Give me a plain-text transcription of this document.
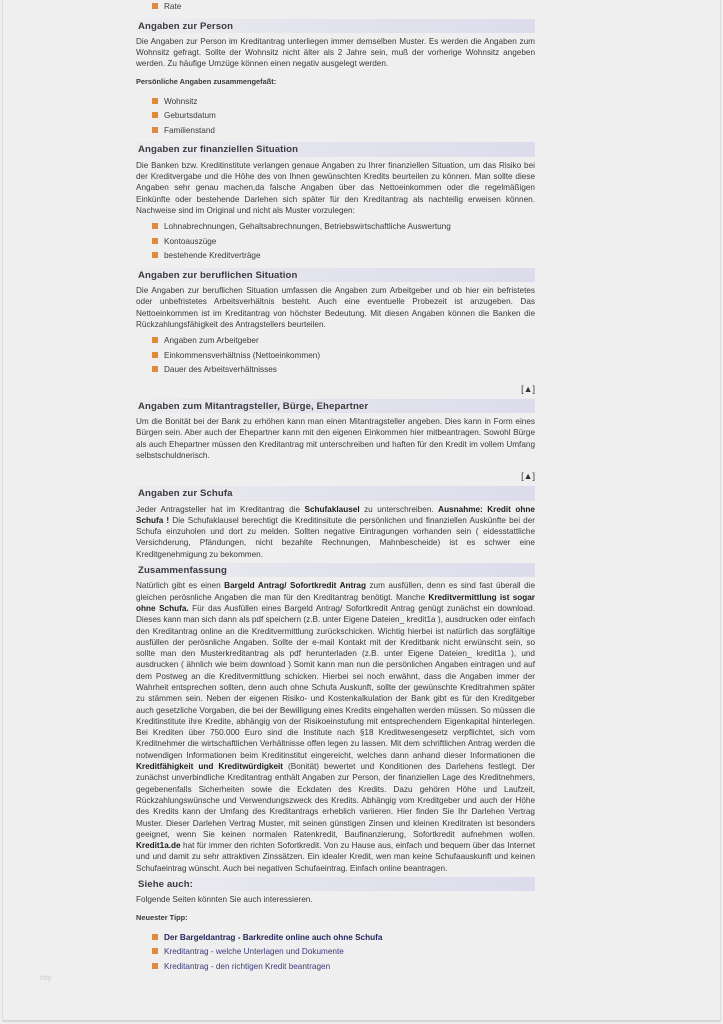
http
Rate
Angaben zur Person
Die Angaben zur Person im Kreditantrag unterliegen immer demselben Muster. Es werden die Angaben zum Wohnsitz gefragt. Sollte der Wohnsitz nicht älter als 2 Jahre sein, muß der vorherige Wohnsitz angeben werden. Zu häufige Umzüge können einen negativ ausgelegt werden.
Persönliche Angaben zusammengefaßt:
Wohnsitz
Geburtsdatum
Familienstand
Angaben zur finanziellen Situation
Die Banken bzw. Kreditinstitute verlangen genaue Angaben zu Ihrer finanziellen Situation, um das Risiko bei der Kreditvergabe und die Höhe des von Ihnen gewünschten Kredits beurteilen zu können. Man sollte diese Angaben sehr genau machen,da falsche Angaben über das Nettoeinkommen oder die regelmäßigen Einkünfte oder bestehende Darlehen sich später für den Kreditantrag als nachteilig erweisen können. Nachweise sind im Original und nicht als Muster vorzulegen:
Lohnabrechnungen, Gehaltsabrechnungen, Betriebswirtschaftliche Auswertung
Kontoauszüge
bestehende Kreditverträge
Angaben zur beruflichen Situation
Die Angaben zur beruflichen Situation umfassen die Angaben zum Arbeitgeber und ob hier ein befristetes oder unbefristetes Arbeitsverhältnis besteht. Auch eine eventuelle Probezeit ist anzugeben. Das Nettoeinkommen ist im Kreditantrag von höchster Bedeutung. Mit diesen Angaben können die Banken die Rückzahlungsfähigkeit des Antragstellers beurteilen.
Angaben zum Arbeitgeber
Einkommensverhältniss (Nettoeinkommen)
Dauer des Arbeitsverhältnisses
[▲]
Angaben zum Mitantragsteller, Bürge, Ehepartner
Um die Bonität bei der Bank zu erhöhen kann man einen Mitantragsteller angeben. Dies kann in Form eines Bürgen sein. Aber auch der Ehepartner kann mit den eigenen Einkommen hier mitbeantragen. Sowohl Bürge als auch Ehepartner müssen den Kreditantrag mit unterschreiben und haften für den Kredit im vollem Umfang selbstschuldnerisch.
[▲]
Angaben zur Schufa
Jeder Antragsteller hat im Kreditantrag die Schufaklausel zu unterschreiben. Ausnahme: Kredit ohne Schufa ! Die Schufaklausel berechtigt die Kreditinsitute die persönlichen und finanziellen Auskünfte bei der Schufa einzuholen und dort zu melden. Sollten negative Eintragungen vorhanden sein ( eidesstattliche Versichderung, Pfändungen, nicht bezahlte Rechnungen, Mahnbescheide) ist es schwer eine Kreditgenehmigung zu bekommen.
Zusammenfassung
Natürlich gibt es einen Bargeld Antrag/ Sofortkredit Antrag zum ausfüllen, denn es sind fast überall die gleichen perösnliche Angaben die man für den Kreditantrag benötigt. Manche Kreditvermittlung ist sogar ohne Schufa. Für das Ausfüllen eines Bargeld Antrag/ Sofortkredit Antrag genügt zunächst ein download. Dieses kann man sich dann als pdf speichern (z.B. unter Eigene Dateien_ kredit1a ), ausdrucken oder einfach den Kreditantrag online an die Kreditvermittlung zurückschicken. Wichtig hierbei ist natürlich das sorgfältige ausfüllen der perösnliche Angaben. Sollte der e-mail Kontakt mit der Kreditbank nicht erwünscht sein, so sollte man den Musterkreditantrag als pdf herunterladen (z.B. unter Eigene Dateien_ kredit1a ), und ausdrucken ( ähnlich wie beim download ) Somit kann man nun die persönlichen Angaben eintragen und auf dem Postweg an die Kreditvermittlung schicken. Hierbei sei noch erwähnt, dass die Angaben immer der Wahrheit entsprechen sollten, denn auch ohne Schufa Auskunft, sollte der gewünschte Kreditrahmen später zu stämmen sein. Neben der eigenen Risiko- und Kostenkalkulation der Bank gibt es für den Kreditgeber auch gesetzliche Vorgaben, die bei der Bewilligung eines Kredits eingehalten werden müssen. So müssen die Kreditinstitute ihre Kredite, abhängig von der Risikoeinstufung mit entsprechendem Eigenkapital hinterlegen. Bei Krediten über 750.000 Euro sind die Institute nach §18 Kreditwesengesetz verpflichtet, sich vom Kreditnehmer die wirtschaftlichen Verhältnisse offen legen zu lassen. Mit dem schriftlichen Antrag werden die notwendigen Informationen beim Kreditinstitut eingereicht, welches dann anhand dieser Informationen die Kreditfähigkeit und Kreditwürdigkeit (Bonität) bewertet und Konditionen des Darlehens festlegt. Der zunächst unverbindliche Kreditantrag enthält Angaben zur Person, der finanziellen Lage des Kreditnehmers, gegebenenfalls Sicherheiten sowie die Eckdaten des Kredits. Dazu gehören Höhe und Laufzeit, Rückzahlungswünsche und Verwendungszweck des Kredits. Abhängig vom Kreditgeber und auch der Höhe des Kredits kann der Umfang des Kreditantrags erheblich variieren. Hier finden Sie Ihr Darlehen Vertrag Muster. Dieser Darlehen Vertrag Muster, mit seinen günstigen Zinsen und kleinen Kreditraten ist besonders geeignet, wenn Sie keinen normalen Ratenkredit, Baufinanzierung, Sofortkredit aufnehmen wollen. Kredit1a.de hat für immer den richten Sofortkredit. Von zu Hause aus, einfach und bequem über das Internet und und damit zu sehr attraktiven Zinssätzen. Ein idealer Kredit, wen man keine Schufaauskunft und keinen Schufaeintrag wünscht. Auch bei negativen Schufaeintrag. Einfach online beantragen.
Siehe auch:
Folgende Seiten könnten Sie auch interessieren.
Neuester Tipp:
Der Bargeldantrag - Barkredite online auch ohne Schufa
Kreditantrag - welche Unterlagen und Dokumente
Kreditantrag - den richtigen Kredit beantragen
